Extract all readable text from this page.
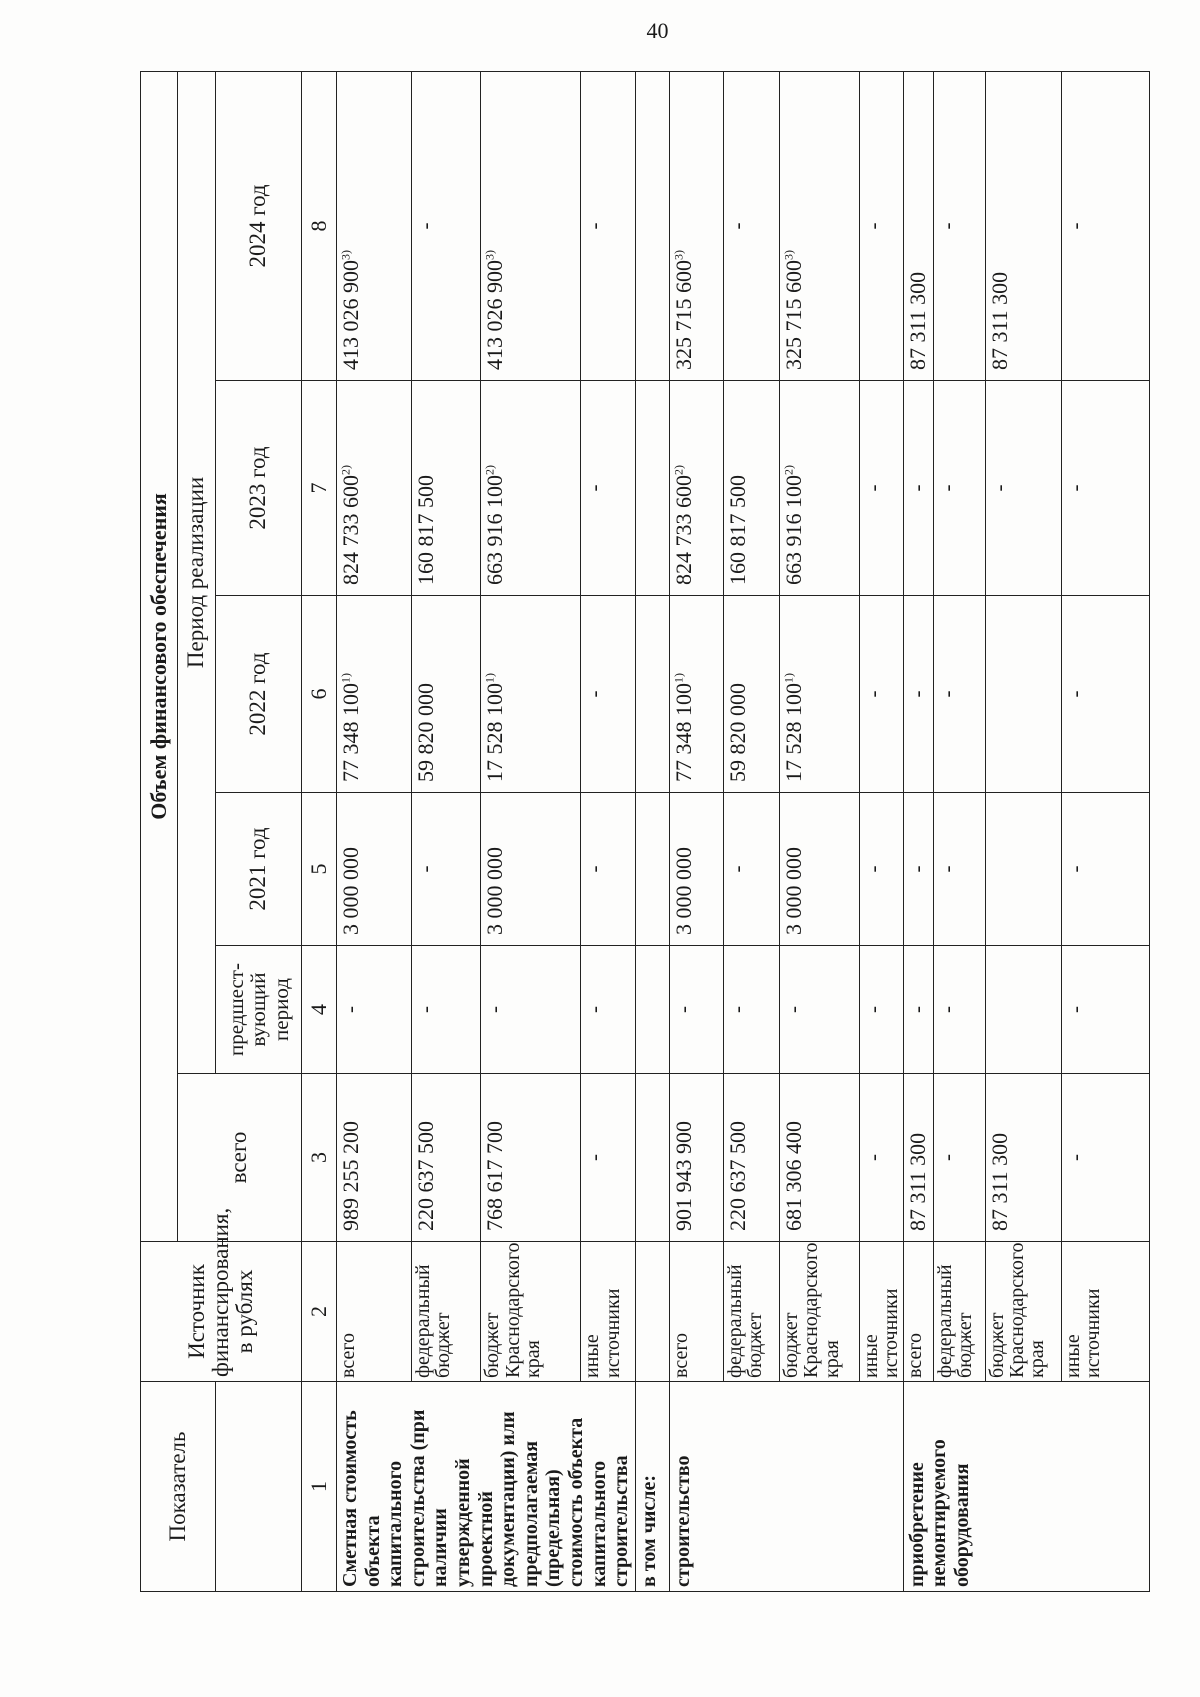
40
Показатель	Источник финансирования, в рублях	Объем финансового обеспечения					
		всего	Период реализации				
			предшест-вующий период	2021 год	2022 год	2023 год	2024 год
1	2	3	4	5	6	7	8
Сметная стоимость объекта капитального строительства (при наличии утвержденной проектной документации) или предполагаемая (предельная) стоимость объекта капитального строительства	всего	989 255 200	-	3 000 000	77 348 100$^{1)}$	824 733 600$^{2)}$	413 026 900$^{3)}$
	федеральный бюджет	220 637 500	-	-	59 820 000	160 817 500	-
	бюджет Краснодарского края	768 617 700	-	3 000 000	17 528 100$^{1)}$	663 916 100$^{2)}$	413 026 900$^{3)}$
	иные источники	-	-	-	-	-	-
в том числе:							
строительство	всего	901 943 900	-	3 000 000	77 348 100$^{1)}$	824 733 600$^{2)}$	325 715 600$^{3)}$
	федеральный бюджет	220 637 500	-	-	59 820 000	160 817 500	-
	бюджет Краснодарского края	681 306 400	-	3 000 000	17 528 100$^{1)}$	663 916 100$^{2)}$	325 715 600$^{3)}$
	иные источники	-	-	-	-	-	-
приобретение немонтируемого оборудования	всего	87 311 300	-	-	-	-	87 311 300
	федеральный бюджет	-	-	-	-	-	-
	бюджет Краснодарского края	87 311 300				-	87 311 300
	иные источники	-	-	-	-	-	-
